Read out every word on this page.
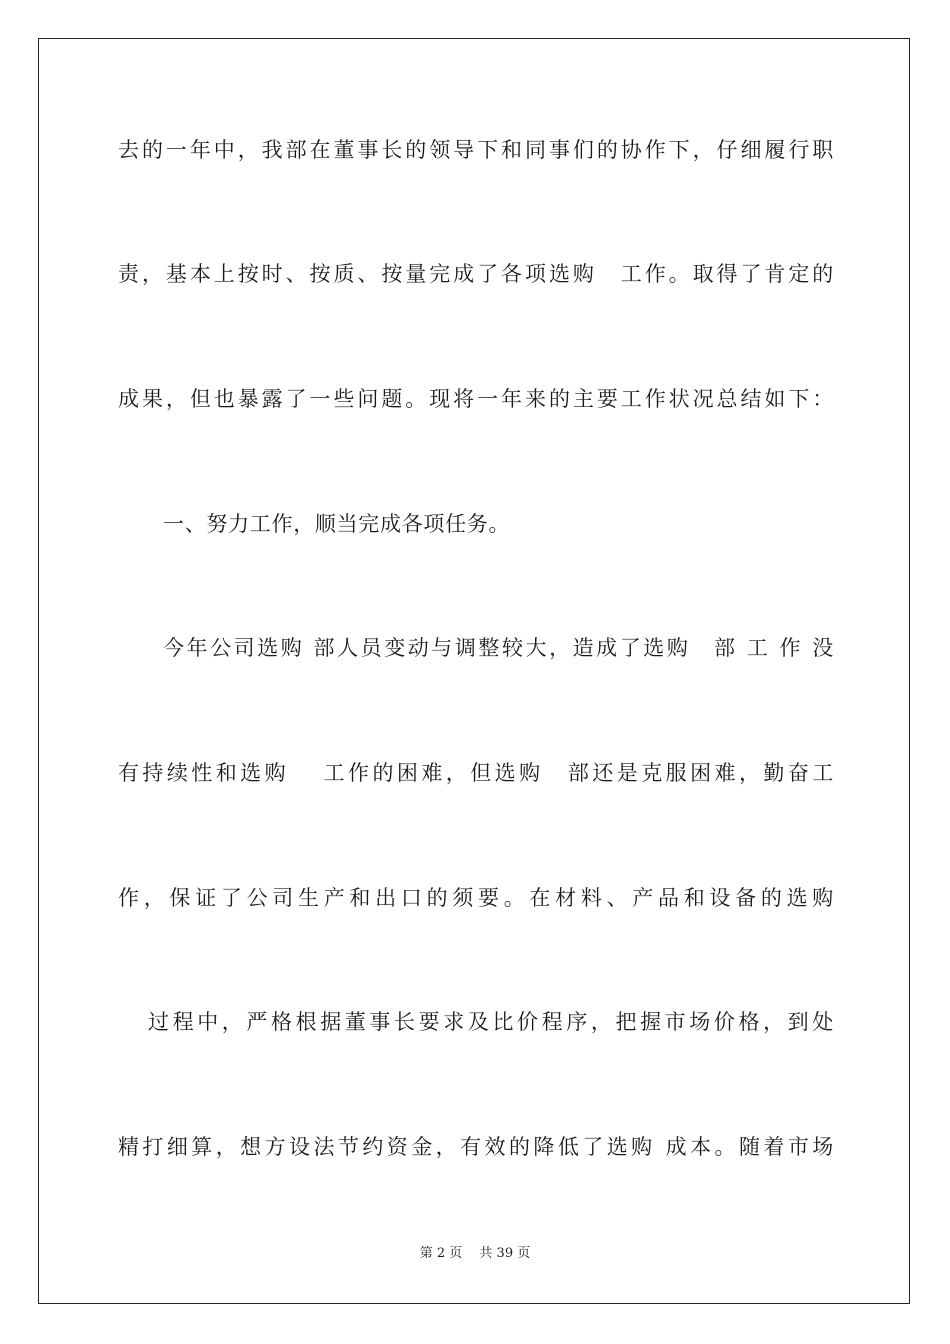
去的一年中，我部在董事长的领导下和同事们的协作下，仔细履行职
责，基本上按时、按质、按量完成了各项选购　工作。取得了肯定的
成果，但也暴露了一些问题。现将一年来的主要工作状况总结如下：
一、努力工作，顺当完成各项任务。
今年公司选购 部人员变动与调整较大，造成了选购　部 工 作 没
有持续性和选购　 工作的困难，但选购　部还是克服困难，勤奋工
作，保证了公司生产和出口的须要。在材料、产品和设备的选购
过程中，严格根据董事长要求及比价程序，把握市场价格，到处
精打细算，想方设法节约资金，有效的降低了选购 成本。随着市场
第 2 页　 共 39 页
